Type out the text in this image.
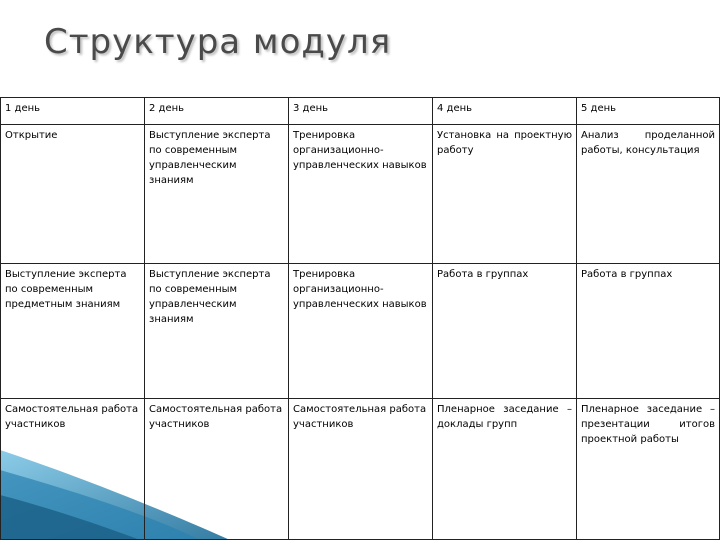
Структура модуля
1 день	2 день	3 день	4 день	5 день
Открытие	Выступление эксперта по современным управленческим знаниям	Тренировка организационно-управленческих навыков	Установка на проектную работу	Анализ проделанной работы, консультация
Выступление эксперта по современным предметным знаниям	Выступление эксперта по современным управленческим знаниям	Тренировка организационно-управленческих навыков	Работа в группах	Работа в группах
Самостоятельная работа участников	Самостоятельная работа участников	Самостоятельная работа участников	Пленарное заседание – доклады групп	Пленарное заседание – презентации итогов проектной работы
